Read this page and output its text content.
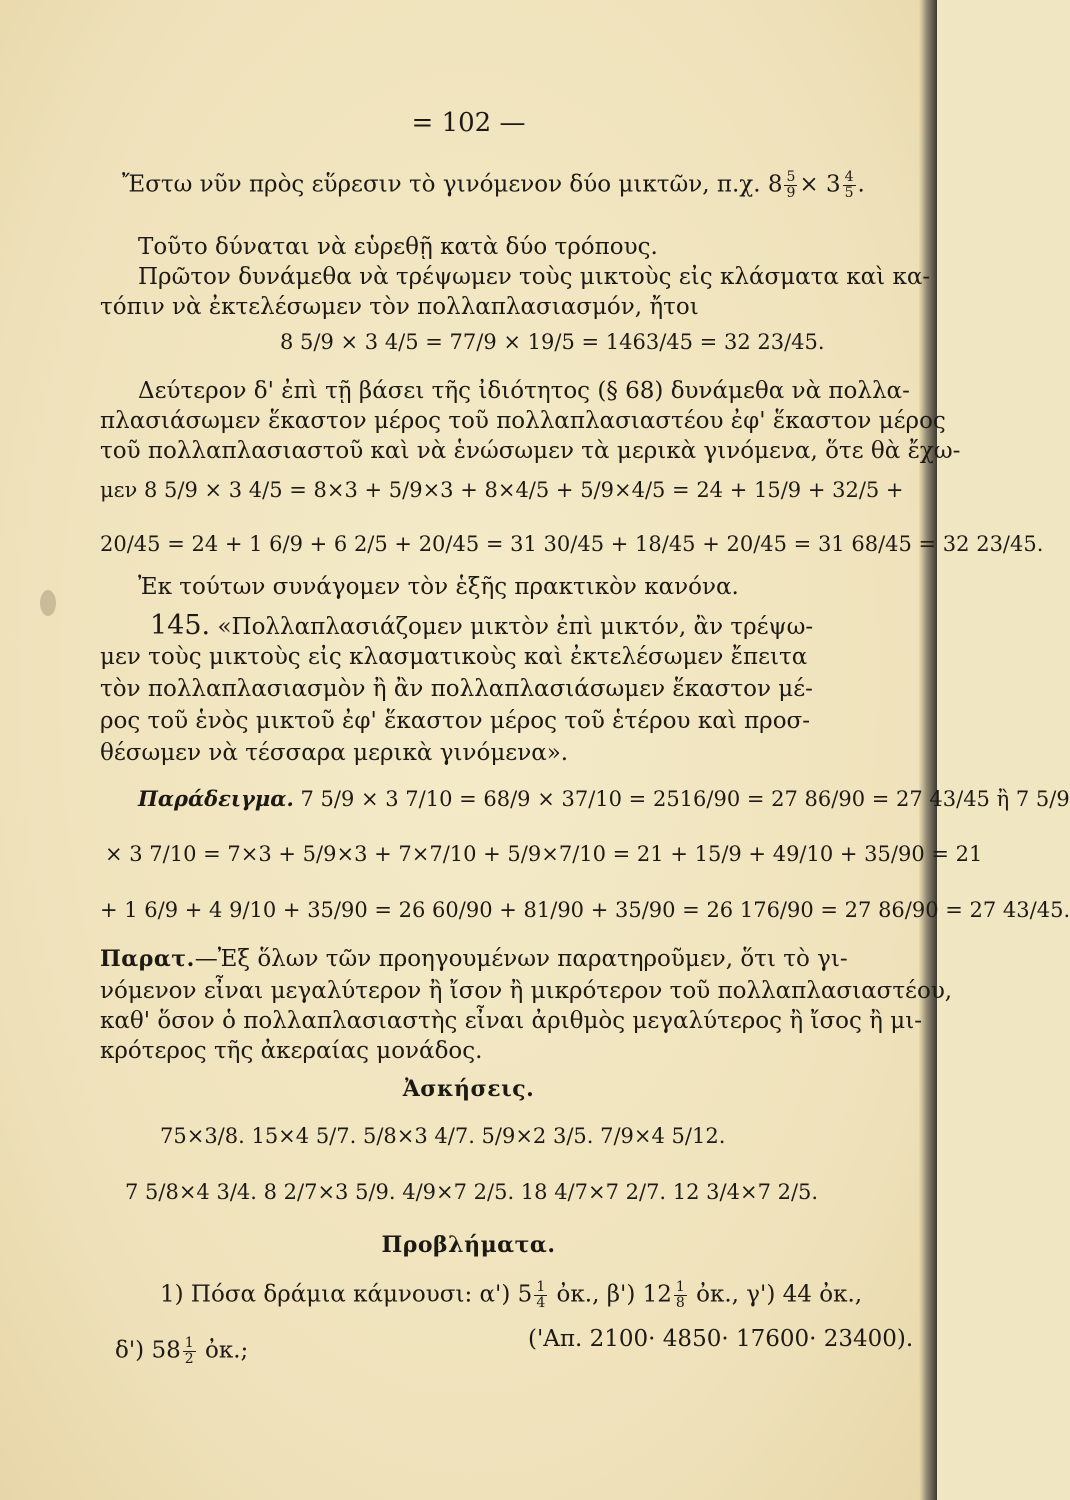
= 102 —
Ἔστω νῦν πρὸς εὕρεσιν τὸ γινόμενον δύο μικτῶν, π.χ. $8 \frac{5}{9} \times 3 \frac{4}{5}$ .
Τοῦτο δύναται νὰ εὑρεθῇ κατὰ δύο τρόπους.
Πρῶτον δυνάμεθα νὰ τρέψωμεν τοὺς μικτοὺς εἰς κλάσματα καὶ κα-
τόπιν νὰ ἐκτελέσωμεν τὸν πολλαπλασιασμόν, ἤτοι
8 5/9 × 3 4/5 = 77/9 × 19/5 = 1463/45 = 32 23/45.
Δεύτερον δ' ἐπὶ τῇ βάσει τῆς ἰδιότητος (§ 68) δυνάμεθα νὰ πολλα-
πλασιάσωμεν ἕκαστον μέρος τοῦ πολλαπλασιαστέου ἐφ' ἕκαστον μέρος
τοῦ πολλαπλασιαστοῦ καὶ νὰ ἑνώσωμεν τὰ μερικὰ γινόμενα, ὅτε θὰ ἔχω-
μεν 8 5/9 × 3 4/5 = 8×3 + 5/9×3 + 8×4/5 + 5/9×4/5 = 24 + 15/9 + 32/5 +
20/45 = 24 + 1 6/9 + 6 2/5 + 20/45 = 31 30/45 + 18/45 + 20/45 = 31 68/45 = 32 23/45.
Ἐκ τούτων συνάγομεν τὸν ἑξῆς πρακτικὸν κανόνα.
145. «Πολλαπλασιάζομεν μικτὸν ἐπὶ μικτόν, ἂν τρέψω-
μεν τοὺς μικτοὺς εἰς κλασματικοὺς καὶ ἐκτελέσωμεν ἔπειτα
τὸν πολλαπλασιασμὸν ἢ ἂν πολλαπλασιάσωμεν ἕκαστον μέ-
ρος τοῦ ἑνὸς μικτοῦ ἐφ' ἕκαστον μέρος τοῦ ἑτέρου καὶ προσ-
θέσωμεν νὰ τέσσαρα μερικὰ γινόμενα».
Παράδειγμα. 7 5/9 × 3 7/10 = 68/9 × 37/10 = 2516/90 = 27 86/90 = 27 43/45 ἢ 7 5/9
× 3 7/10 = 7×3 + 5/9×3 + 7×7/10 + 5/9×7/10 = 21 + 15/9 + 49/10 + 35/90 = 21
+ 1 6/9 + 4 9/10 + 35/90 = 26 60/90 + 81/90 + 35/90 = 26 176/90 = 27 86/90 = 27 43/45.
Παρατ.—Ἐξ ὅλων τῶν προηγουμένων παρατηροῦμεν, ὅτι τὸ γι-
νόμενον εἶναι μεγαλύτερον ἢ ἴσον ἢ μικρότερον τοῦ πολλαπλασιαστέου,
καθ' ὅσον ὁ πολλαπλασιαστὴς εἶναι ἀριθμὸς μεγαλύτερος ἢ ἴσος ἢ μι-
κρότερος τῆς ἀκεραίας μονάδος.
Ἀσκήσεις.
75×3/8. 15×4 5/7. 5/8×3 4/7. 5/9×2 3/5. 7/9×4 5/12.
7 5/8×4 3/4. 8 2/7×3 5/9. 4/9×7 2/5. 18 4/7×7 2/7. 12 3/4×7 2/5.
Προβλήματα.
1) Πόσα δράμια κάμνουσι: α') $5 \frac{1}{4}$ ὀκ., β') $12 \frac{1}{8}$ ὀκ., γ') 44 ὀκ.,
δ') $58 \frac{1}{2}$ ὀκ.;	('Απ. 2100· 4850· 17600· 23400).
